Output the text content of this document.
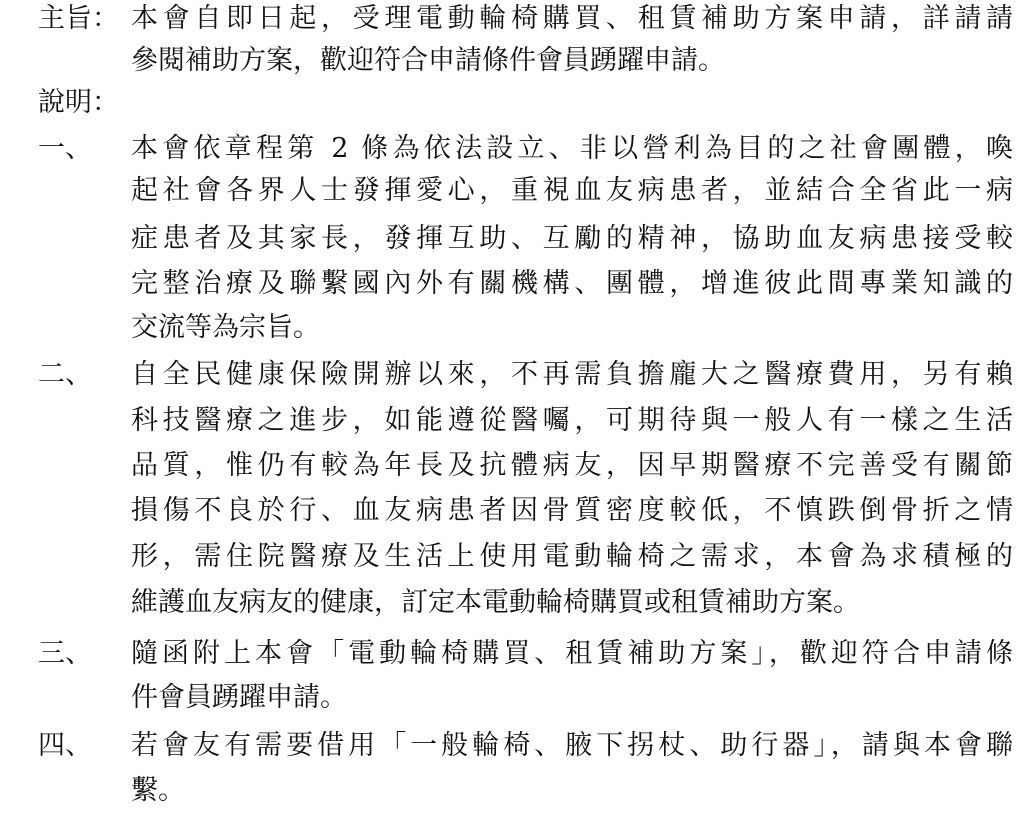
主旨： 本會自即日起，受理電動輪椅購買、租賃補助方案申請，詳請請
參閱補助方案，歡迎符合申請條件會員踴躍申請。
說明：
一、 本會依章程第 2 條為依法設立、非以營利為目的之社會團體，喚
起社會各界人士發揮愛心，重視血友病患者，並結合全省此一病
症患者及其家長，發揮互助、互勵的精神，協助血友病患接受較
完整治療及聯繫國內外有關機構、團體，增進彼此間專業知識的
交流等為宗旨。
二、 自全民健康保險開辦以來，不再需負擔龐大之醫療費用，另有賴
科技醫療之進步，如能遵從醫囑，可期待與一般人有一樣之生活
品質，惟仍有較為年長及抗體病友，因早期醫療不完善受有關節
損傷不良於行、血友病患者因骨質密度較低，不慎跌倒骨折之情
形，需住院醫療及生活上使用電動輪椅之需求，本會為求積極的
維護血友病友的健康，訂定本電動輪椅購買或租賃補助方案。
三、 隨函附上本會「電動輪椅購買、租賃補助方案」，歡迎符合申請條
件會員踴躍申請。
四、 若會友有需要借用「一般輪椅、腋下拐杖、助行器」，請與本會聯
繫。
